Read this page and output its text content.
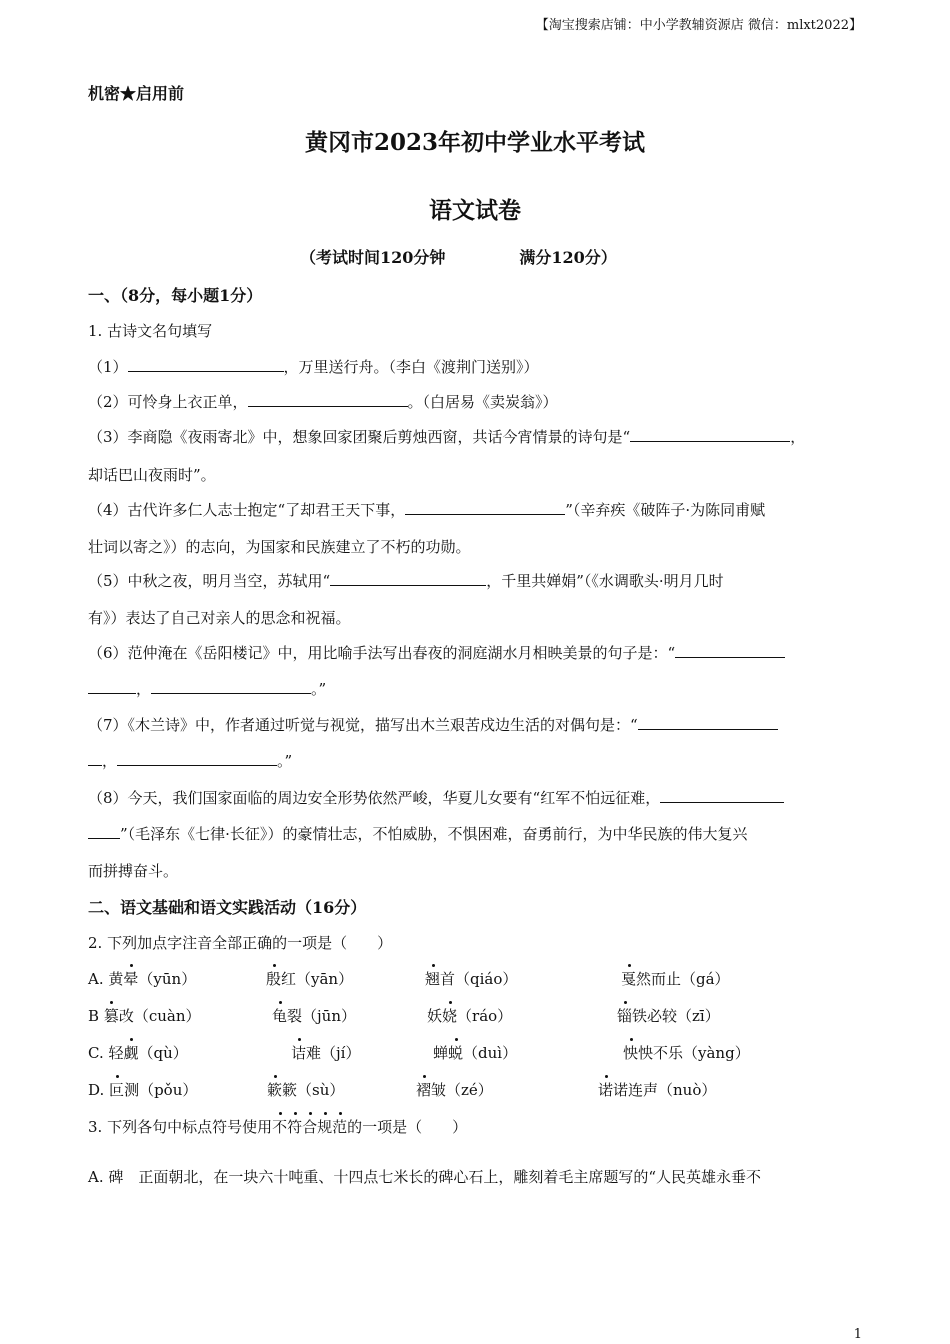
【淘宝搜索店铺：中小学教辅资源店 微信：mlxt2022】
机密★启用前
黄冈市2023年初中学业水平考试
语文试卷
（考试时间120分钟	满分120分）
一、（8分，每小题1分）
1. 古诗文名句填写
（1）	，万里送行舟。（李白《渡荆门送别》）
（2）可怜身上衣正单，	。（白居易《卖炭翁》）
（3）李商隐《夜雨寄北》中，想象回家团聚后剪烛西窗，共话今宵情景的诗句是“	，
却话巴山夜雨时”。
（4）古代许多仁人志士抱定“了却君王天下事，	”（辛弃疾《破阵子·为陈同甫赋
壮词以寄之》）的志向，为国家和民族建立了不朽的功勋。
（5）中秋之夜，明月当空，苏轼用“	，千里共婵娟”（《水调歌头·明月几时
有》）表达了自己对亲人的思念和祝福。
（6）范仲淹在《岳阳楼记》中，用比喻手法写出春夜的洞庭湖水月相映美景的句子是：“
，	。”
（7）《木兰诗》中，作者通过听觉与视觉，描写出木兰艰苦戍边生活的对偶句是：“
，	。”
（8）今天，我们国家面临的周边安全形势依然严峻，华夏儿女要有“红军不怕远征难，
”（毛泽东《七律·长征》）的豪情壮志，不怕威胁，不惧困难，奋勇前行，为中华民族的伟大复兴
而拼搏奋斗。
二、语文基础和语文实践活动（16分）
2. 下列加点字注音全部正确的一项是（　　）
A. 黄晕（yūn）	殷红（yān）	翘首（qiáo）	戛然而止（gá）
B 篡改（cuàn）	龟裂（jūn）	妖娆（ráo）	锱铁必较（zī）
C. 轻觑（qù）	诘难（jí）	蝉蜕（duì）	怏怏不乐（yàng）
D. 叵测（pǒu）	簌簌（sù）	褶皱（zé）	诺诺连声（nuò）
3. 下列各句中标点符号使用不符合规范的一项是（　　）
A. 碑　正面朝北，在一块六十吨重、十四点七米长的碑心石上，雕刻着毛主席题写的“人民英雄永垂不
1
